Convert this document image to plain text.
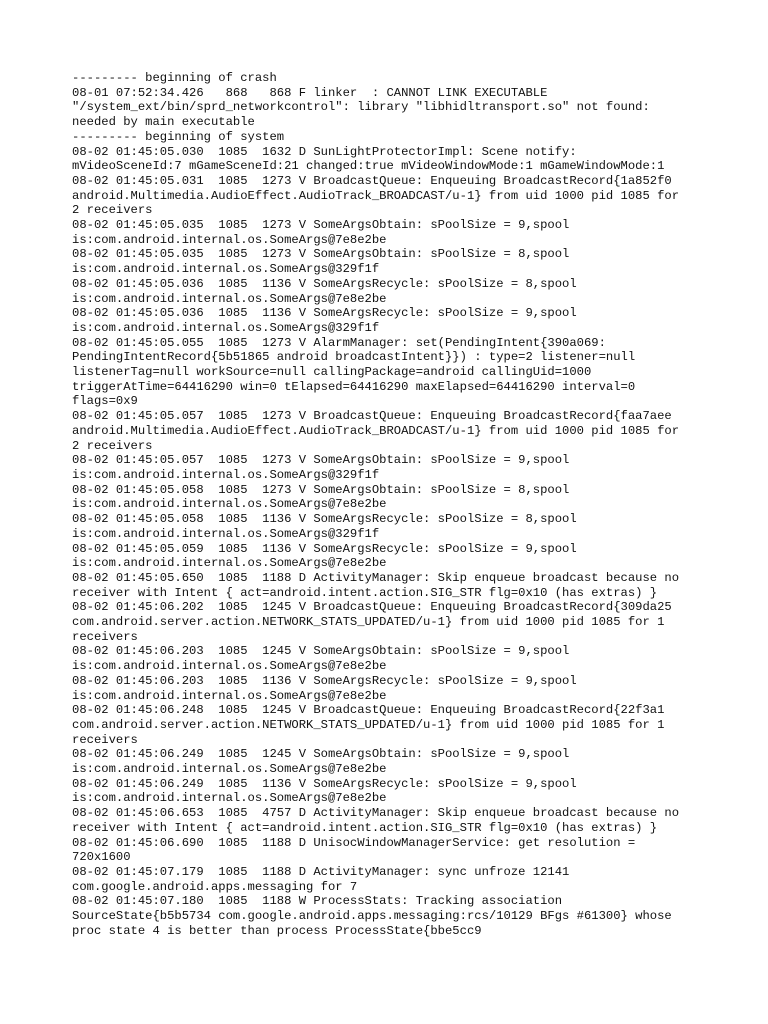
--------- beginning of crash
08-01 07:52:34.426   868   868 F linker  : CANNOT LINK EXECUTABLE
"/system_ext/bin/sprd_networkcontrol": library "libhidltransport.so" not found:
needed by main executable
--------- beginning of system
08-02 01:45:05.030  1085  1632 D SunLightProtectorImpl: Scene notify:
mVideoSceneId:7 mGameSceneId:21 changed:true mVideoWindowMode:1 mGameWindowMode:1
08-02 01:45:05.031  1085  1273 V BroadcastQueue: Enqueuing BroadcastRecord{1a852f0
android.Multimedia.AudioEffect.AudioTrack_BROADCAST/u-1} from uid 1000 pid 1085 for
2 receivers
08-02 01:45:05.035  1085  1273 V SomeArgsObtain: sPoolSize = 9,spool
is:com.android.internal.os.SomeArgs@7e8e2be
08-02 01:45:05.035  1085  1273 V SomeArgsObtain: sPoolSize = 8,spool
is:com.android.internal.os.SomeArgs@329f1f
08-02 01:45:05.036  1085  1136 V SomeArgsRecycle: sPoolSize = 8,spool
is:com.android.internal.os.SomeArgs@7e8e2be
08-02 01:45:05.036  1085  1136 V SomeArgsRecycle: sPoolSize = 9,spool
is:com.android.internal.os.SomeArgs@329f1f
08-02 01:45:05.055  1085  1273 V AlarmManager: set(PendingIntent{390a069:
PendingIntentRecord{5b51865 android broadcastIntent}}) : type=2 listener=null
listenerTag=null workSource=null callingPackage=android callingUid=1000
triggerAtTime=64416290 win=0 tElapsed=64416290 maxElapsed=64416290 interval=0
flags=0x9
08-02 01:45:05.057  1085  1273 V BroadcastQueue: Enqueuing BroadcastRecord{faa7aee
android.Multimedia.AudioEffect.AudioTrack_BROADCAST/u-1} from uid 1000 pid 1085 for
2 receivers
08-02 01:45:05.057  1085  1273 V SomeArgsObtain: sPoolSize = 9,spool
is:com.android.internal.os.SomeArgs@329f1f
08-02 01:45:05.058  1085  1273 V SomeArgsObtain: sPoolSize = 8,spool
is:com.android.internal.os.SomeArgs@7e8e2be
08-02 01:45:05.058  1085  1136 V SomeArgsRecycle: sPoolSize = 8,spool
is:com.android.internal.os.SomeArgs@329f1f
08-02 01:45:05.059  1085  1136 V SomeArgsRecycle: sPoolSize = 9,spool
is:com.android.internal.os.SomeArgs@7e8e2be
08-02 01:45:05.650  1085  1188 D ActivityManager: Skip enqueue broadcast because no
receiver with Intent { act=android.intent.action.SIG_STR flg=0x10 (has extras) }
08-02 01:45:06.202  1085  1245 V BroadcastQueue: Enqueuing BroadcastRecord{309da25
com.android.server.action.NETWORK_STATS_UPDATED/u-1} from uid 1000 pid 1085 for 1
receivers
08-02 01:45:06.203  1085  1245 V SomeArgsObtain: sPoolSize = 9,spool
is:com.android.internal.os.SomeArgs@7e8e2be
08-02 01:45:06.203  1085  1136 V SomeArgsRecycle: sPoolSize = 9,spool
is:com.android.internal.os.SomeArgs@7e8e2be
08-02 01:45:06.248  1085  1245 V BroadcastQueue: Enqueuing BroadcastRecord{22f3a1
com.android.server.action.NETWORK_STATS_UPDATED/u-1} from uid 1000 pid 1085 for 1
receivers
08-02 01:45:06.249  1085  1245 V SomeArgsObtain: sPoolSize = 9,spool
is:com.android.internal.os.SomeArgs@7e8e2be
08-02 01:45:06.249  1085  1136 V SomeArgsRecycle: sPoolSize = 9,spool
is:com.android.internal.os.SomeArgs@7e8e2be
08-02 01:45:06.653  1085  4757 D ActivityManager: Skip enqueue broadcast because no
receiver with Intent { act=android.intent.action.SIG_STR flg=0x10 (has extras) }
08-02 01:45:06.690  1085  1188 D UnisocWindowManagerService: get resolution =
720x1600
08-02 01:45:07.179  1085  1188 D ActivityManager: sync unfroze 12141
com.google.android.apps.messaging for 7
08-02 01:45:07.180  1085  1188 W ProcessStats: Tracking association
SourceState{b5b5734 com.google.android.apps.messaging:rcs/10129 BFgs #61300} whose
proc state 4 is better than process ProcessState{bbe5cc9
